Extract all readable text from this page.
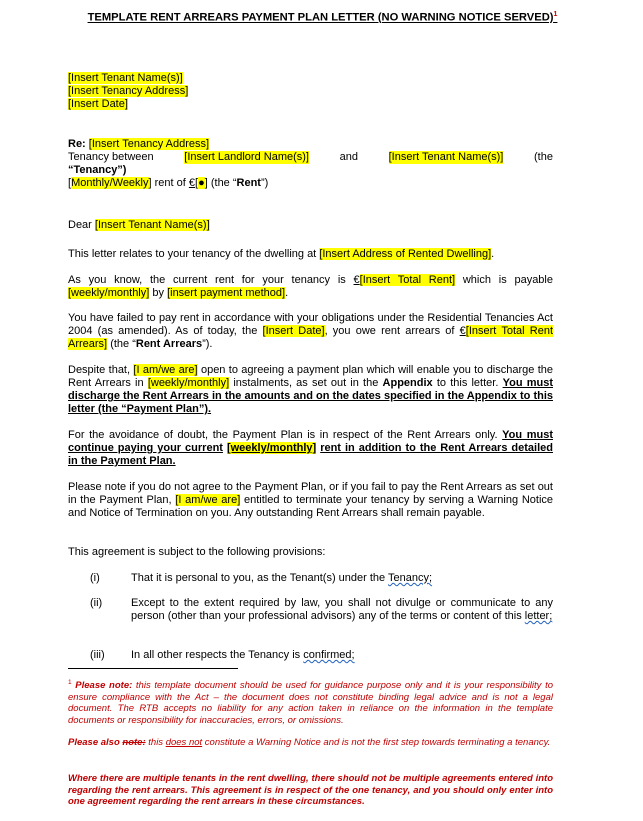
TEMPLATE RENT ARREARS PAYMENT PLAN LETTER (NO WARNING NOTICE SERVED)$^1$
[Insert Tenant Name(s)]
[Insert Tenancy Address]
[Insert Date]
Re: [Insert Tenancy Address]
Tenancy between	[Insert Landlord Name(s)]	and	[Insert Tenant Name(s)]	(the
“Tenancy”)
[Monthly/Weekly] rent of €[●] (the “Rent”)
Dear [Insert Tenant Name(s)]
This letter relates to your tenancy of the dwelling at [Insert Address of Rented Dwelling].
As you know, the current rent for your tenancy is €[Insert Total Rent] which is payable [weekly/monthly] by [insert payment method].
You have failed to pay rent in accordance with your obligations under the Residential Tenancies Act 2004 (as amended). As of today, the [Insert Date], you owe rent arrears of €[Insert Total Rent Arrears] (the “Rent Arrears”).
Despite that, [I am/we are] open to agreeing a payment plan which will enable you to discharge the Rent Arrears in [weekly/monthly] instalments, as set out in the Appendix to this letter. You must discharge the Rent Arrears in the amounts and on the dates specified in the Appendix to this letter (the “Payment Plan”).
For the avoidance of doubt, the Payment Plan is in respect of the Rent Arrears only. You must continue paying your current [weekly/monthly] rent in addition to the Rent Arrears detailed in the Payment Plan.
Please note if you do not agree to the Payment Plan, or if you fail to pay the Rent Arrears as set out in the Payment Plan, [I am/we are] entitled to terminate your tenancy by serving a Warning Notice and Notice of Termination on you. Any outstanding Rent Arrears shall remain payable.
This agreement is subject to the following provisions:
(i)	That it is personal to you, as the Tenant(s) under the Tenancy;
(ii)	Except to the extent required by law, you shall not divulge or communicate to any person (other than your professional advisors) any of the terms or content of this letter;
(iii)	In all other respects the Tenancy is confirmed;
$^1$ Please note: this template document should be used for guidance purpose only and it is your responsibility to ensure compliance with the Act – the document does not constitute binding legal advice and is not a legal document. The RTB accepts no liability for any action taken in reliance on the information in the template documents or responsibility for inaccuracies, errors, or omissions.
Please also note: this does not constitute a Warning Notice and is not the first step towards terminating a tenancy.
Where there are multiple tenants in the rent dwelling, there should not be multiple agreements entered into regarding the rent arrears. This agreement is in respect of the one tenancy, and you should only enter into one agreement regarding the rent arrears in these circumstances.
